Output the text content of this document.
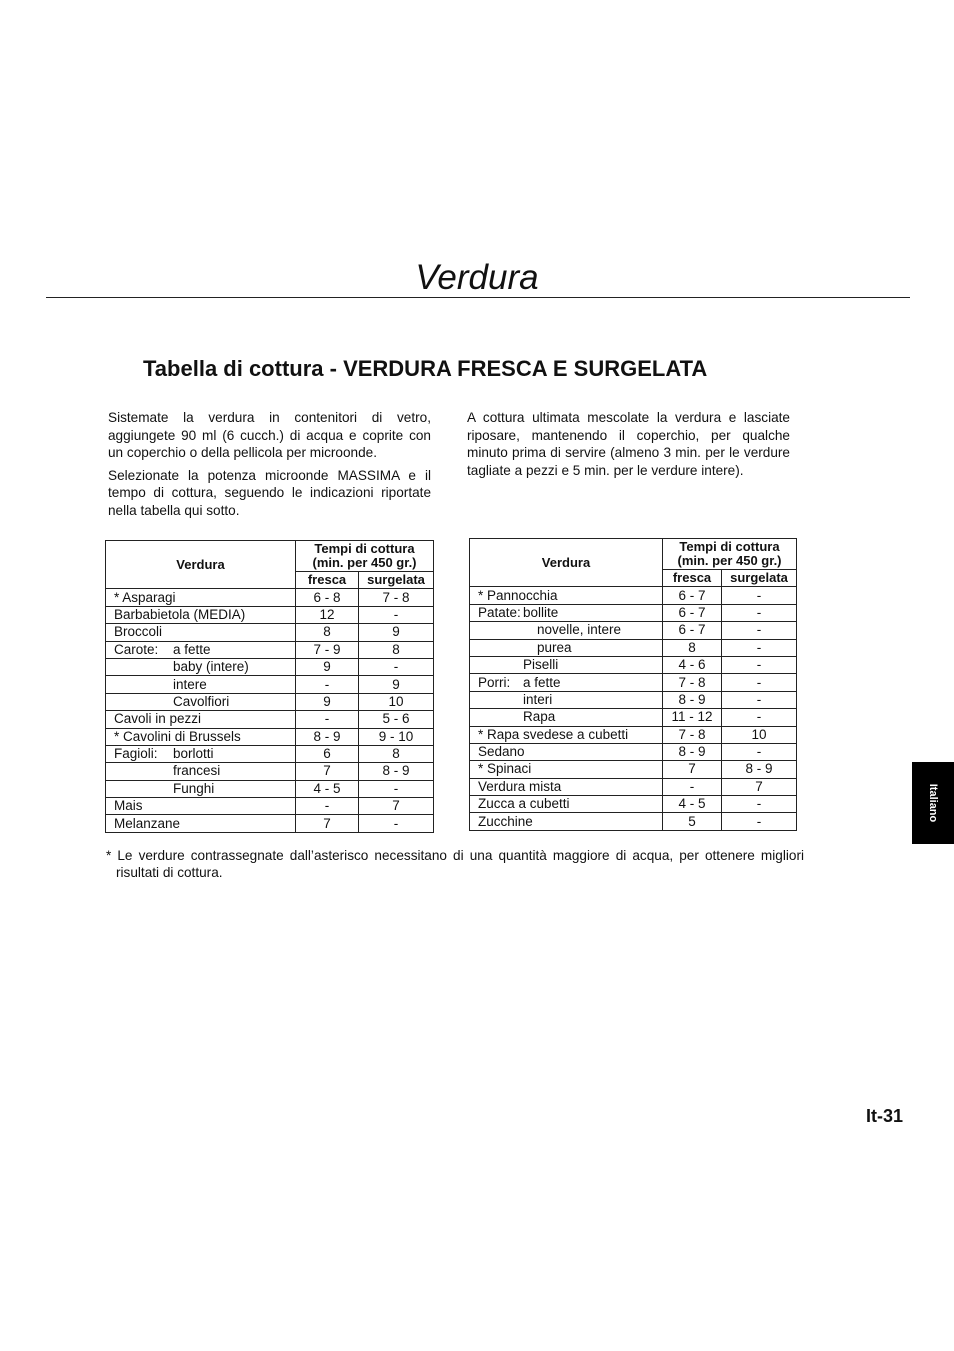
Verdura
Tabella di cottura - VERDURA FRESCA E SURGELATA

Sistemate la verdura in contenitori di vetro, aggiungete 90 ml (6 cucch.) di acqua e coprite con un coperchio o della pellicola per microonde.

Selezionate la potenza microonde MASSIMA e il tempo di cottura, seguendo le indicazioni riportate nella tabella qui sotto.

A cottura ultimata mescolate la verdura e lasciate riposare, mantenendo il coperchio, per qualche minuto prima di servire (almeno 3 min. per le verdure tagliate a pezzi e 5 min. per le verdure intere).

Verdura	Tempi di cottura
(min. per 450 gr.)	
	fresca	surgelata
* Asparagi	6 - 8	7 - 8
Barbabietola (MEDIA)	12	-
Broccoli	8	9
Carote: a fette	7 - 9	8
baby (intere)	9	-
intere	-	9
Cavolfiori	9	10
Cavoli in pezzi	-	5 - 6
* Cavolini di Brussels	8 - 9	9 - 10
Fagioli: borlotti	6	8
francesi	7	8 - 9
Funghi	4 - 5	-
Mais	-	7
Melanzane	7	-
Verdura	Tempi di cottura
(min. per 450 gr.)	
	fresca	surgelata
* Pannocchia	6 - 7	-
Patate: bollite	6 - 7	-
novelle, intere	6 - 7	-
purea	8	-
Piselli	4 - 6	-
Porri: a fette	7 - 8	-
interi	8 - 9	-
Rapa	11 - 12	-
* Rapa svedese a cubetti	7 - 8	10
Sedano	8 - 9	-
* Spinaci	7	8 - 9
Verdura mista	-	7
Zucca a cubetti	4 - 5	-
Zucchine	5	-
* Le verdure contrassegnate dall’asterisco necessitano di una quantità maggiore di acqua, per ottenere migliori risultati di cottura.
It-31
Italiano
